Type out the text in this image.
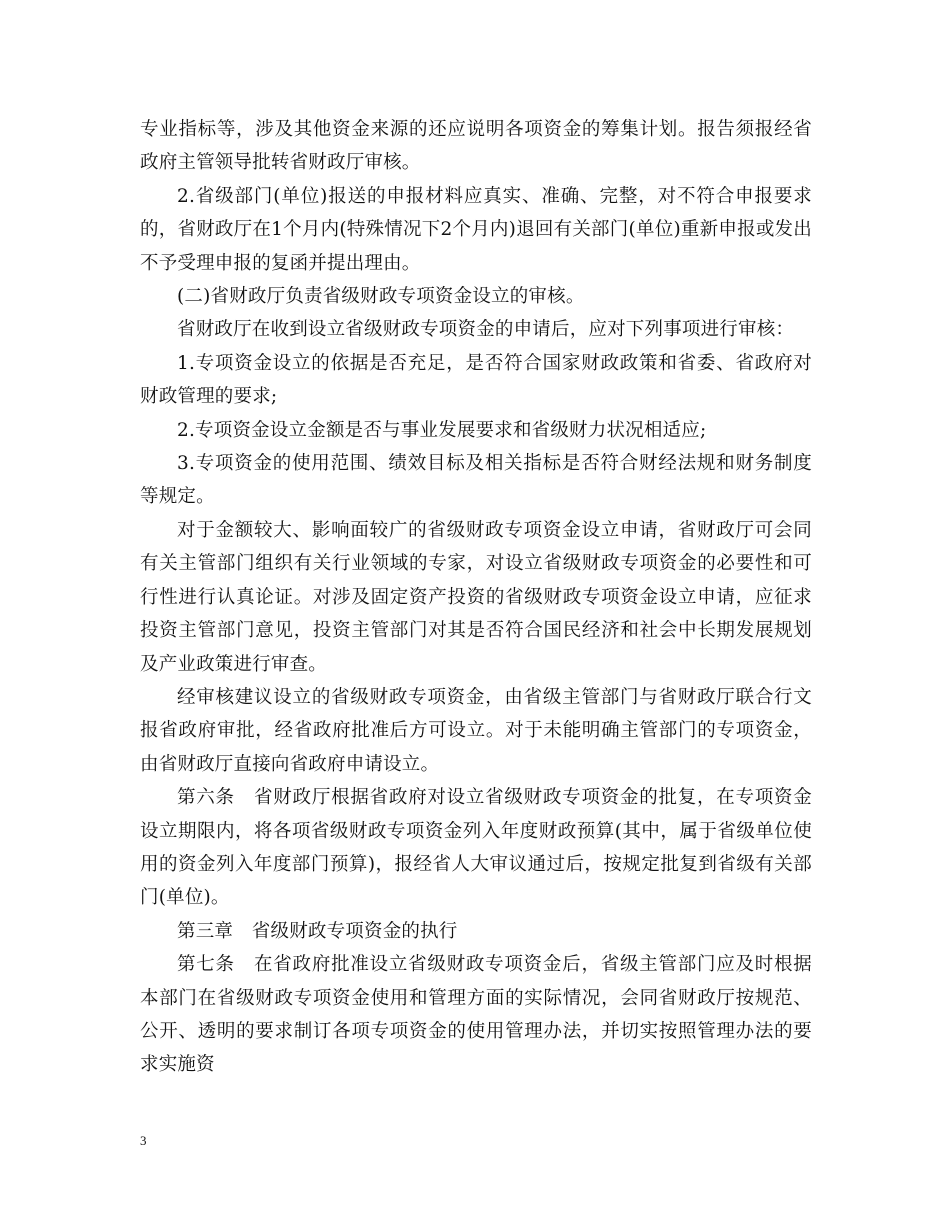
专业指标等，涉及其他资金来源的还应说明各项资金的筹集计划。报告须报经省政府主管领导批转省财政厅审核。

2.省级部门(单位)报送的申报材料应真实、准确、完整，对不符合申报要求的，省财政厅在1个月内(特殊情况下2个月内)退回有关部门(单位)重新申报或发出不予受理申报的复函并提出理由。

(二)省财政厅负责省级财政专项资金设立的审核。

省财政厅在收到设立省级财政专项资金的申请后，应对下列事项进行审核：

1.专项资金设立的依据是否充足，是否符合国家财政政策和省委、省政府对财政管理的要求;

2.专项资金设立金额是否与事业发展要求和省级财力状况相适应;

3.专项资金的使用范围、绩效目标及相关指标是否符合财经法规和财务制度等规定。

对于金额较大、影响面较广的省级财政专项资金设立申请，省财政厅可会同有关主管部门组织有关行业领域的专家，对设立省级财政专项资金的必要性和可行性进行认真论证。对涉及固定资产投资的省级财政专项资金设立申请，应征求投资主管部门意见，投资主管部门对其是否符合国民经济和社会中长期发展规划及产业政策进行审查。

经审核建议设立的省级财政专项资金，由省级主管部门与省财政厅联合行文报省政府审批，经省政府批准后方可设立。对于未能明确主管部门的专项资金，由省财政厅直接向省政府申请设立。

第六条　省财政厅根据省政府对设立省级财政专项资金的批复，在专项资金设立期限内，将各项省级财政专项资金列入年度财政预算(其中，属于省级单位使用的资金列入年度部门预算)，报经省人大审议通过后，按规定批复到省级有关部门(单位)。

第三章　省级财政专项资金的执行

第七条　在省政府批准设立省级财政专项资金后，省级主管部门应及时根据本部门在省级财政专项资金使用和管理方面的实际情况，会同省财政厅按规范、公开、透明的要求制订各项专项资金的使用管理办法，并切实按照管理办法的要求实施资

3
